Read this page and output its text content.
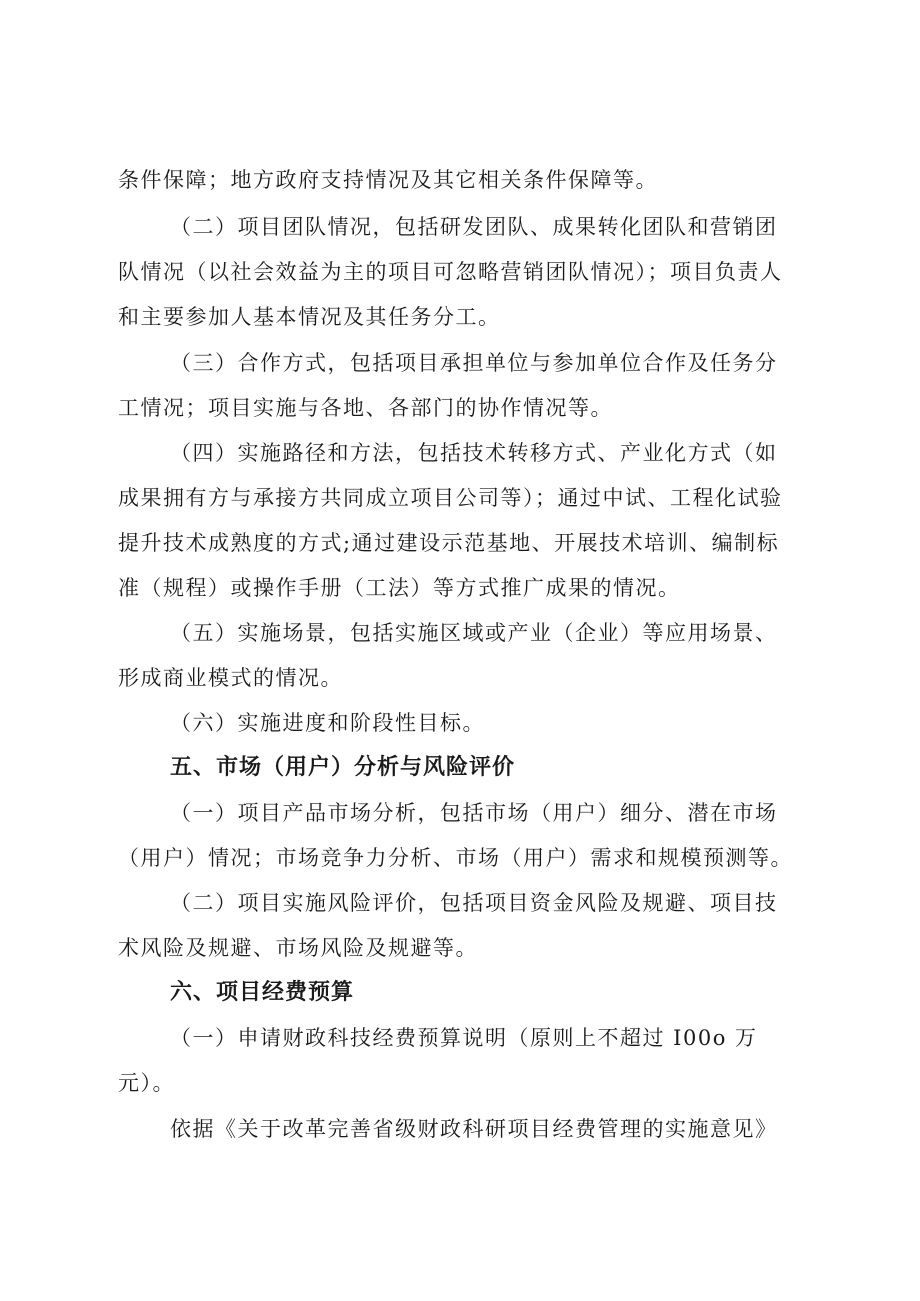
条件保障；地方政府支持情况及其它相关条件保障等。
（二）项目团队情况，包括研发团队、成果转化团队和营销团
队情况（以社会效益为主的项目可忽略营销团队情况）；项目负责人
和主要参加人基本情况及其任务分工。
（三）合作方式，包括项目承担单位与参加单位合作及任务分
工情况；项目实施与各地、各部门的协作情况等。
（四）实施路径和方法，包括技术转移方式、产业化方式（如
成果拥有方与承接方共同成立项目公司等）；通过中试、工程化试验
提升技术成熟度的方式;通过建设示范基地、开展技术培训、编制标
准（规程）或操作手册（工法）等方式推广成果的情况。
（五）实施场景，包括实施区域或产业（企业）等应用场景、
形成商业模式的情况。
（六）实施进度和阶段性目标。
五、市场（用户）分析与风险评价
（一）项目产品市场分析，包括市场（用户）细分、潜在市场
（用户）情况；市场竞争力分析、市场（用户）需求和规模预测等。
（二）项目实施风险评价，包括项目资金风险及规避、项目技
术风险及规避、市场风险及规避等。
六、项目经费预算
（一）申请财政科技经费预算说明（原则上不超过 I00o 万
元）。
依据《关于改革完善省级财政科研项目经费管理的实施意见》
